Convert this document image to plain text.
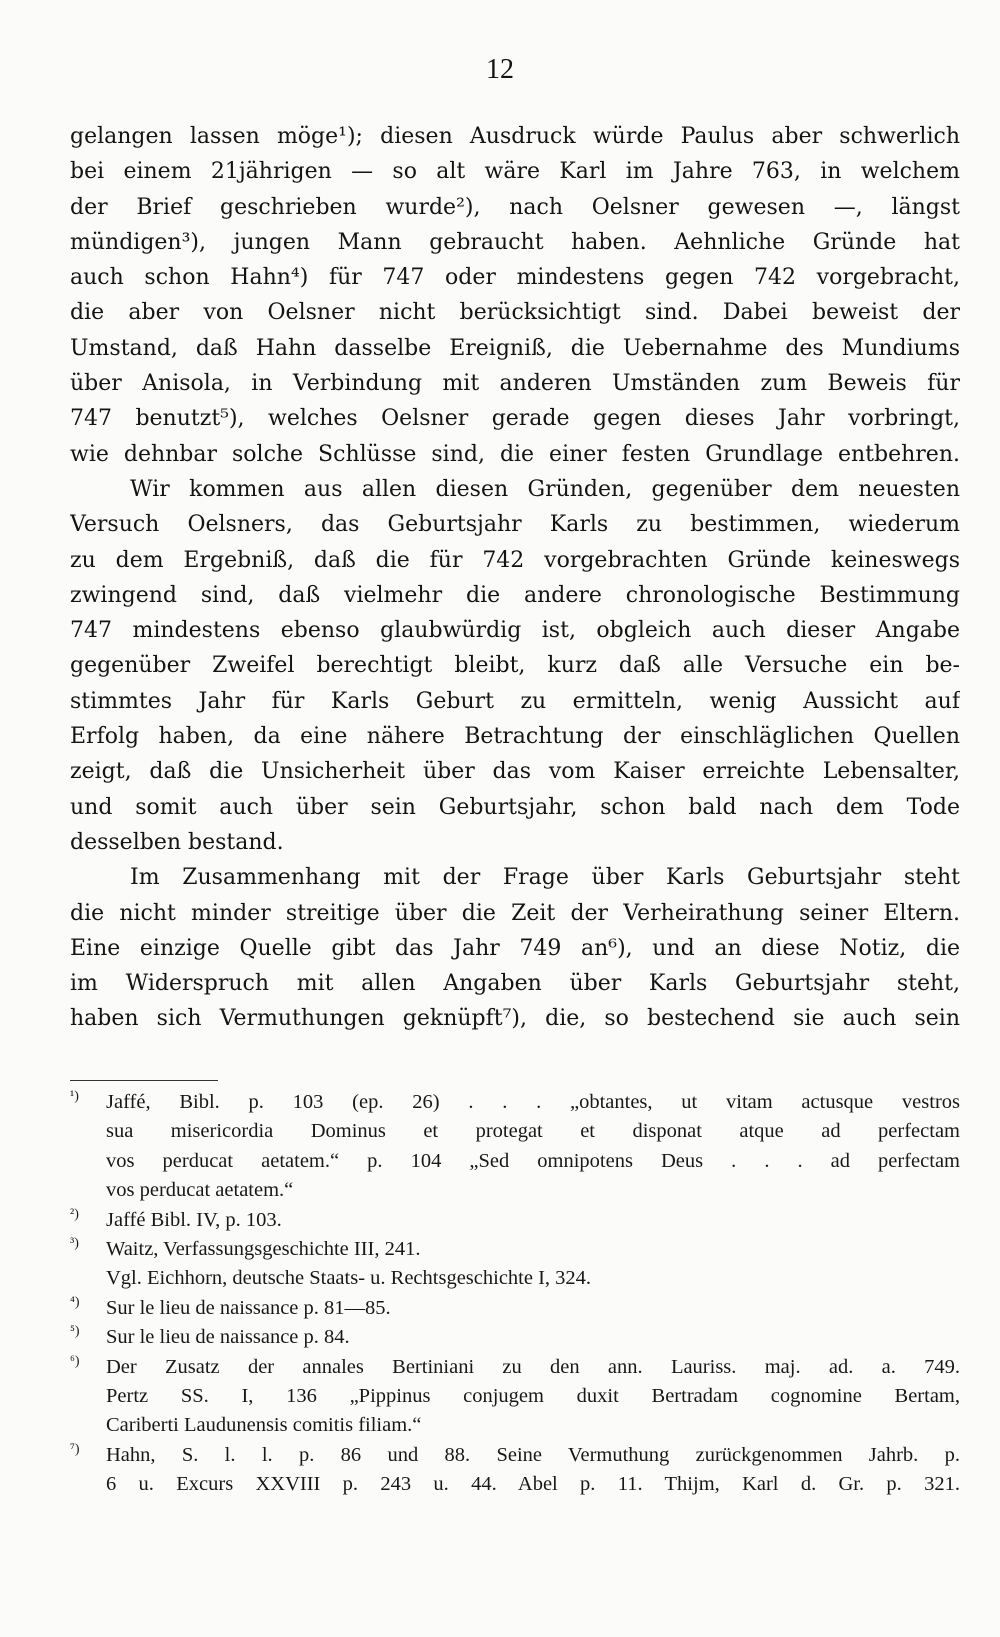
12
gelangen lassen möge¹); diesen Ausdruck würde Paulus aber schwerlich
bei einem 21jährigen — so alt wäre Karl im Jahre 763, in welchem
der Brief geschrieben wurde²), nach Oelsner gewesen —, längst
mündigen³), jungen Mann gebraucht haben. Aehnliche Gründe hat
auch schon Hahn⁴) für 747 oder mindestens gegen 742 vorgebracht,
die aber von Oelsner nicht berücksichtigt sind. Dabei beweist der
Umstand, daß Hahn dasselbe Ereigniß, die Uebernahme des Mundiums
über Anisola, in Verbindung mit anderen Umständen zum Beweis für
747 benutzt⁵), welches Oelsner gerade gegen dieses Jahr vorbringt,
wie dehnbar solche Schlüsse sind, die einer festen Grundlage entbehren.
Wir kommen aus allen diesen Gründen, gegenüber dem neuesten
Versuch Oelsners, das Geburtsjahr Karls zu bestimmen, wiederum
zu dem Ergebniß, daß die für 742 vorgebrachten Gründe keineswegs
zwingend sind, daß vielmehr die andere chronologische Bestimmung
747 mindestens ebenso glaubwürdig ist, obgleich auch dieser Angabe
gegenüber Zweifel berechtigt bleibt, kurz daß alle Versuche ein be-
stimmtes Jahr für Karls Geburt zu ermitteln, wenig Aussicht auf
Erfolg haben, da eine nähere Betrachtung der einschläglichen Quellen
zeigt, daß die Unsicherheit über das vom Kaiser erreichte Lebensalter,
und somit auch über sein Geburtsjahr, schon bald nach dem Tode
desselben bestand.
Im Zusammenhang mit der Frage über Karls Geburtsjahr steht
die nicht minder streitige über die Zeit der Verheirathung seiner Eltern.
Eine einzige Quelle gibt das Jahr 749 an⁶), und an diese Notiz, die
im Widerspruch mit allen Angaben über Karls Geburtsjahr steht,
haben sich Vermuthungen geknüpft⁷), die, so bestechend sie auch sein
¹) Jaffé, Bibl. p. 103 (ep. 26) . . . „obtantes, ut vitam actusque vestros
sua misericordia Dominus et protegat et disponat atque ad perfectam
vos perducat aetatem.“ p. 104 „Sed omnipotens Deus . . . ad perfectam
vos perducat aetatem.“
²) Jaffé Bibl. IV, p. 103.
³) Waitz, Verfassungsgeschichte III, 241.
Vgl. Eichhorn, deutsche Staats- u. Rechtsgeschichte I, 324.
⁴) Sur le lieu de naissance p. 81—85.
⁵) Sur le lieu de naissance p. 84.
⁶) Der Zusatz der annales Bertiniani zu den ann. Lauriss. maj. ad. a. 749.
Pertz SS. I, 136 „Pippinus conjugem duxit Bertradam cognomine Bertam,
Cariberti Laudunensis comitis filiam.“
⁷) Hahn, S. l. l. p. 86 und 88. Seine Vermuthung zurückgenommen Jahrb. p.
6 u. Excurs XXVIII p. 243 u. 44. Abel p. 11. Thijm, Karl d. Gr. p. 321.
